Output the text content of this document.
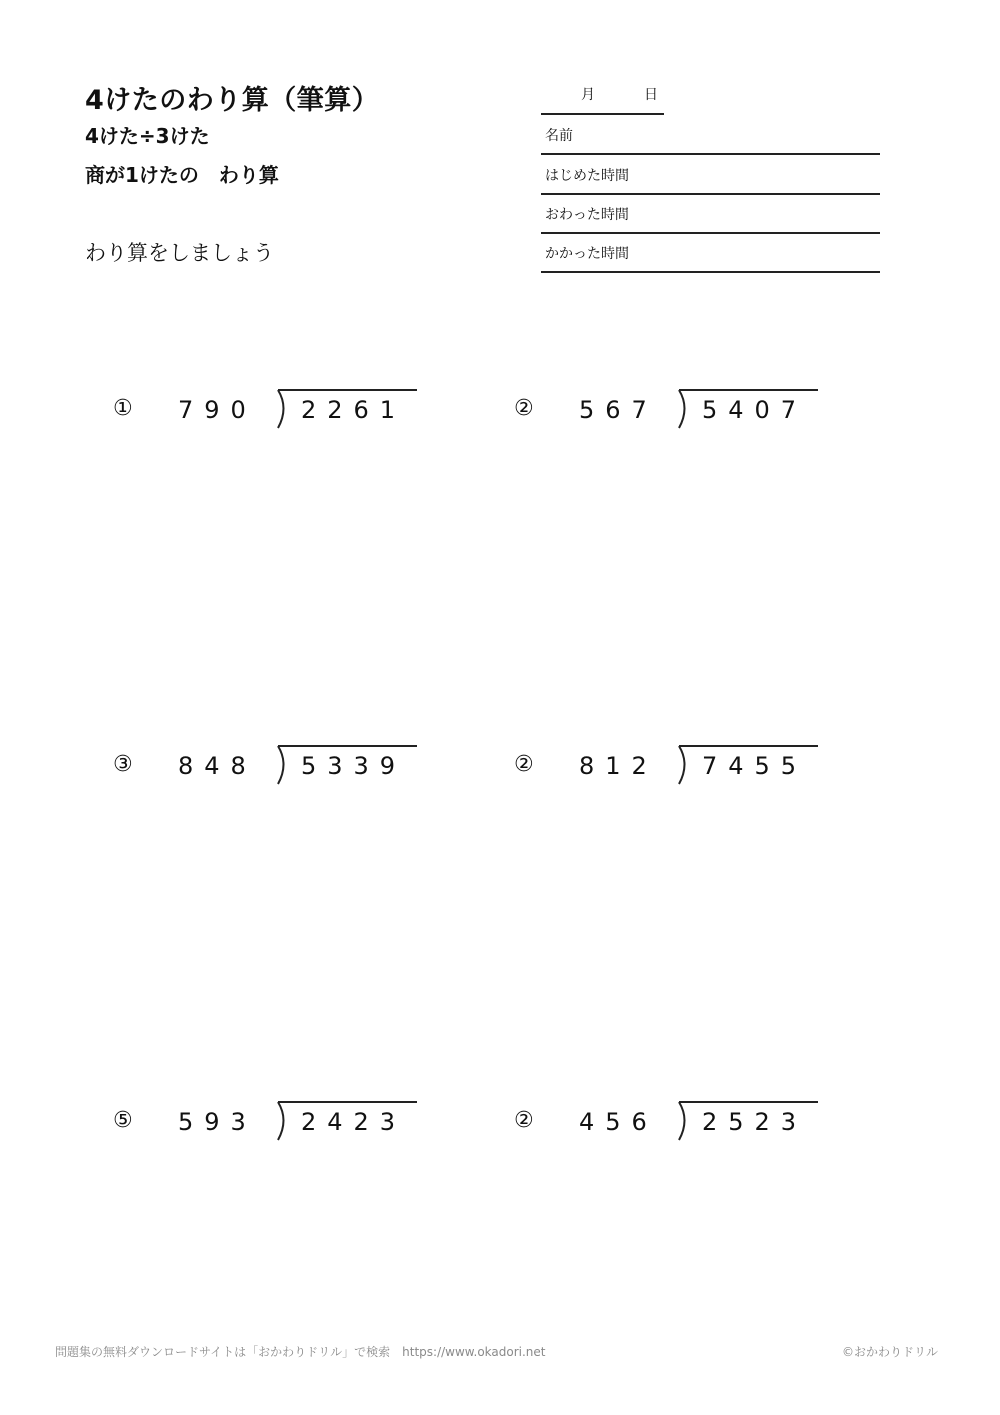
4けたのわり算（筆算）
4けた÷3けた
商が1けたの　わり算
わり算をしましょう
月	日
名前
はじめた時間
おわった時間
かかった時間
① 790 2261	② 567 5407
③ 848 5339	② 812 7455
⑤ 593 2423	② 456 2523
問題集の無料ダウンロードサイトは「おかわりドリル」で検索　https://www.okadori.net	©おかわりドリル
